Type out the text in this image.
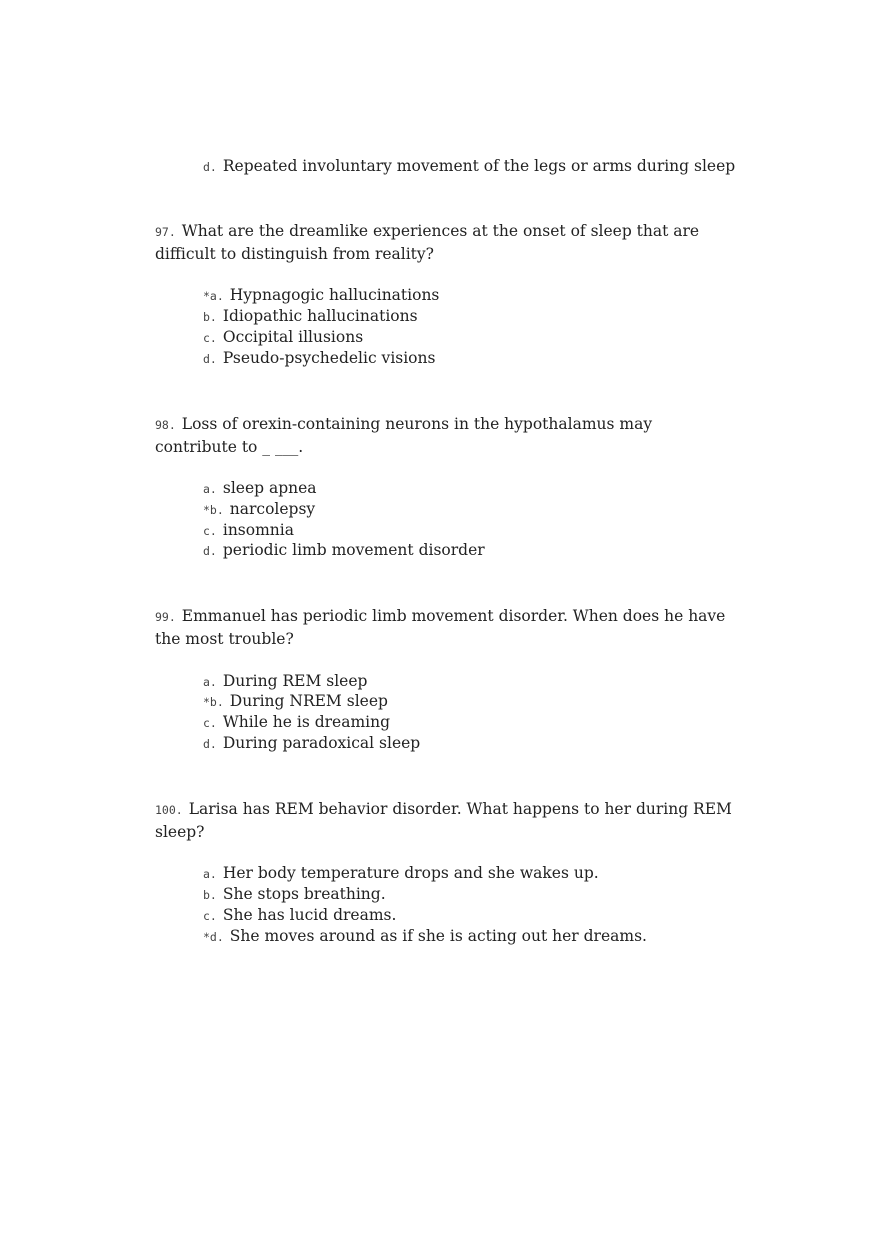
d. Repeated involuntary movement of the legs or arms during sleep
97. What are the dreamlike experiences at the onset of sleep that are difficult to distinguish from reality?
*a. Hypnagogic hallucinations
b. Idiopathic hallucinations
c. Occipital illusions
d. Pseudo-psychedelic visions
98. Loss of orexin-containing neurons in the hypothalamus may contribute to _ ___.
a. sleep apnea
*b. narcolepsy
c. insomnia
d. periodic limb movement disorder
99. Emmanuel has periodic limb movement disorder. When does he have the most trouble?
a. During REM sleep
*b. During NREM sleep
c. While he is dreaming
d. During paradoxical sleep
100. Larisa has REM behavior disorder. What happens to her during REM sleep?
a. Her body temperature drops and she wakes up.
b. She stops breathing.
c. She has lucid dreams.
*d. She moves around as if she is acting out her dreams.
